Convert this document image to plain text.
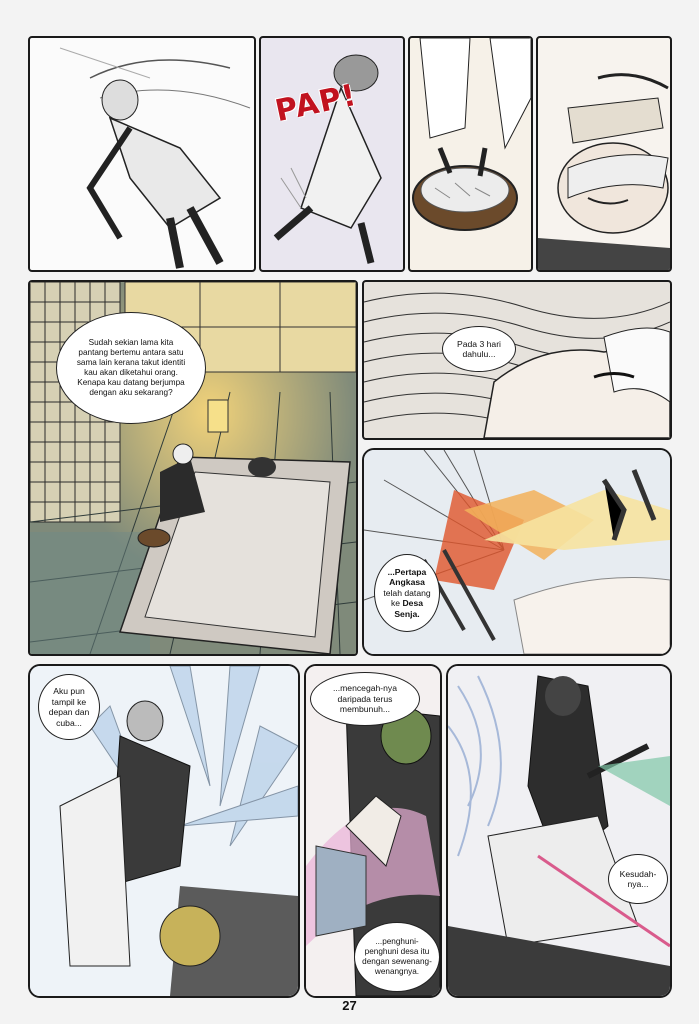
PAP!
Sudah sekian lama kita pantang bertemu antara satu sama lain kerana takut identiti kau akan diketahui orang. Kenapa kau datang berjumpa dengan aku sekarang?
Pada 3 hari dahulu...
...Pertapa Angkasa telah datang ke Desa Senja.
Aku pun tampil ke depan dan cuba...
...mencegah-nya daripada terus membunuh...
...penghuni-penghuni desa itu dengan sewenang-wenangnya.
Kesudah-nya...
27
